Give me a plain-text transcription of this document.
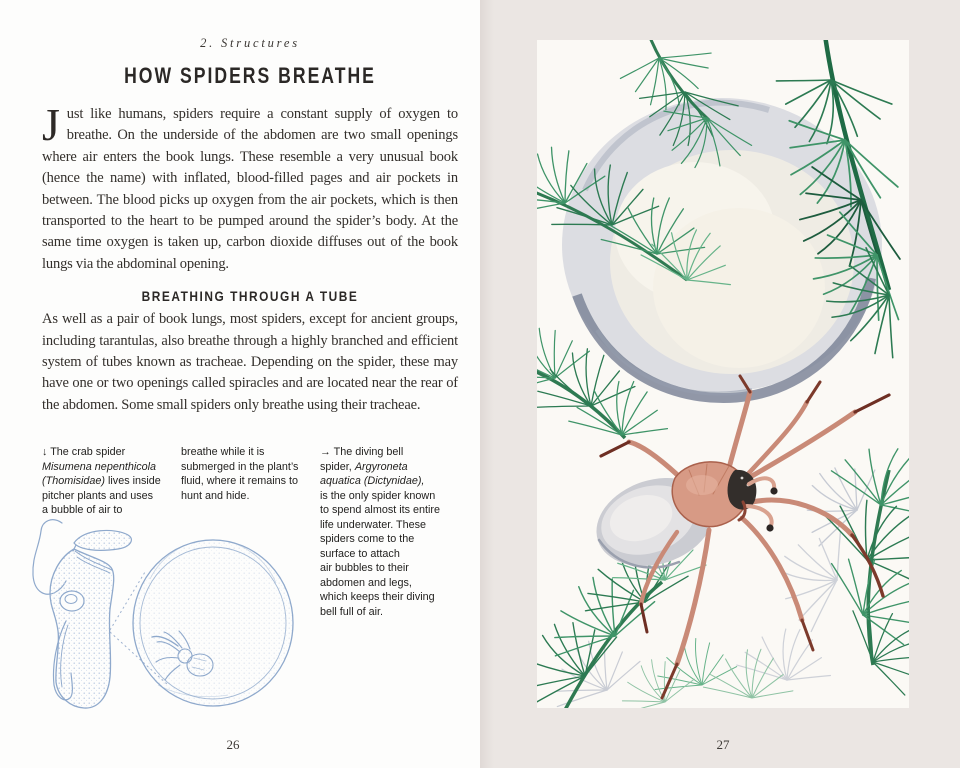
2. Structures
HOW SPIDERS BREATHE

Just like humans, spiders require a constant supply of oxygen to breathe. On the underside of the abdomen are two small openings where air enters the book lungs. These resemble a very unusual book (hence the name) with inflated, blood-filled pages and air pockets in between. The blood picks up oxygen from the air pockets, which is then transported to the heart to be pumped around the spider’s body. At the same time oxygen is taken up, carbon dioxide diffuses out of the book lungs via the abdominal opening.

BREATHING THROUGH A TUBE

As well as a pair of book lungs, most spiders, except for ancient groups, including tarantulas, also breathe through a highly branched and efficient system of tubes known as tracheae. Depending on the spider, these may have one or two openings called spiracles and are located near the rear of the abdomen. Some small spiders only breathe using their tracheae.

↓ The crab spider
Misumena nepenthicola
(Thomisidae) lives inside
pitcher plants and uses
a bubble of air to
breathe while it is
submerged in the plant’s
fluid, where it remains to
hunt and hide.
→ The diving bell
spider, Argyroneta
aquatica (Dictynidae),
is the only spider known
to spend almost its entire
life underwater. These
spiders come to the
surface to attach
air bubbles to their
abdomen and legs,
which keeps their diving
bell full of air.
26	27
